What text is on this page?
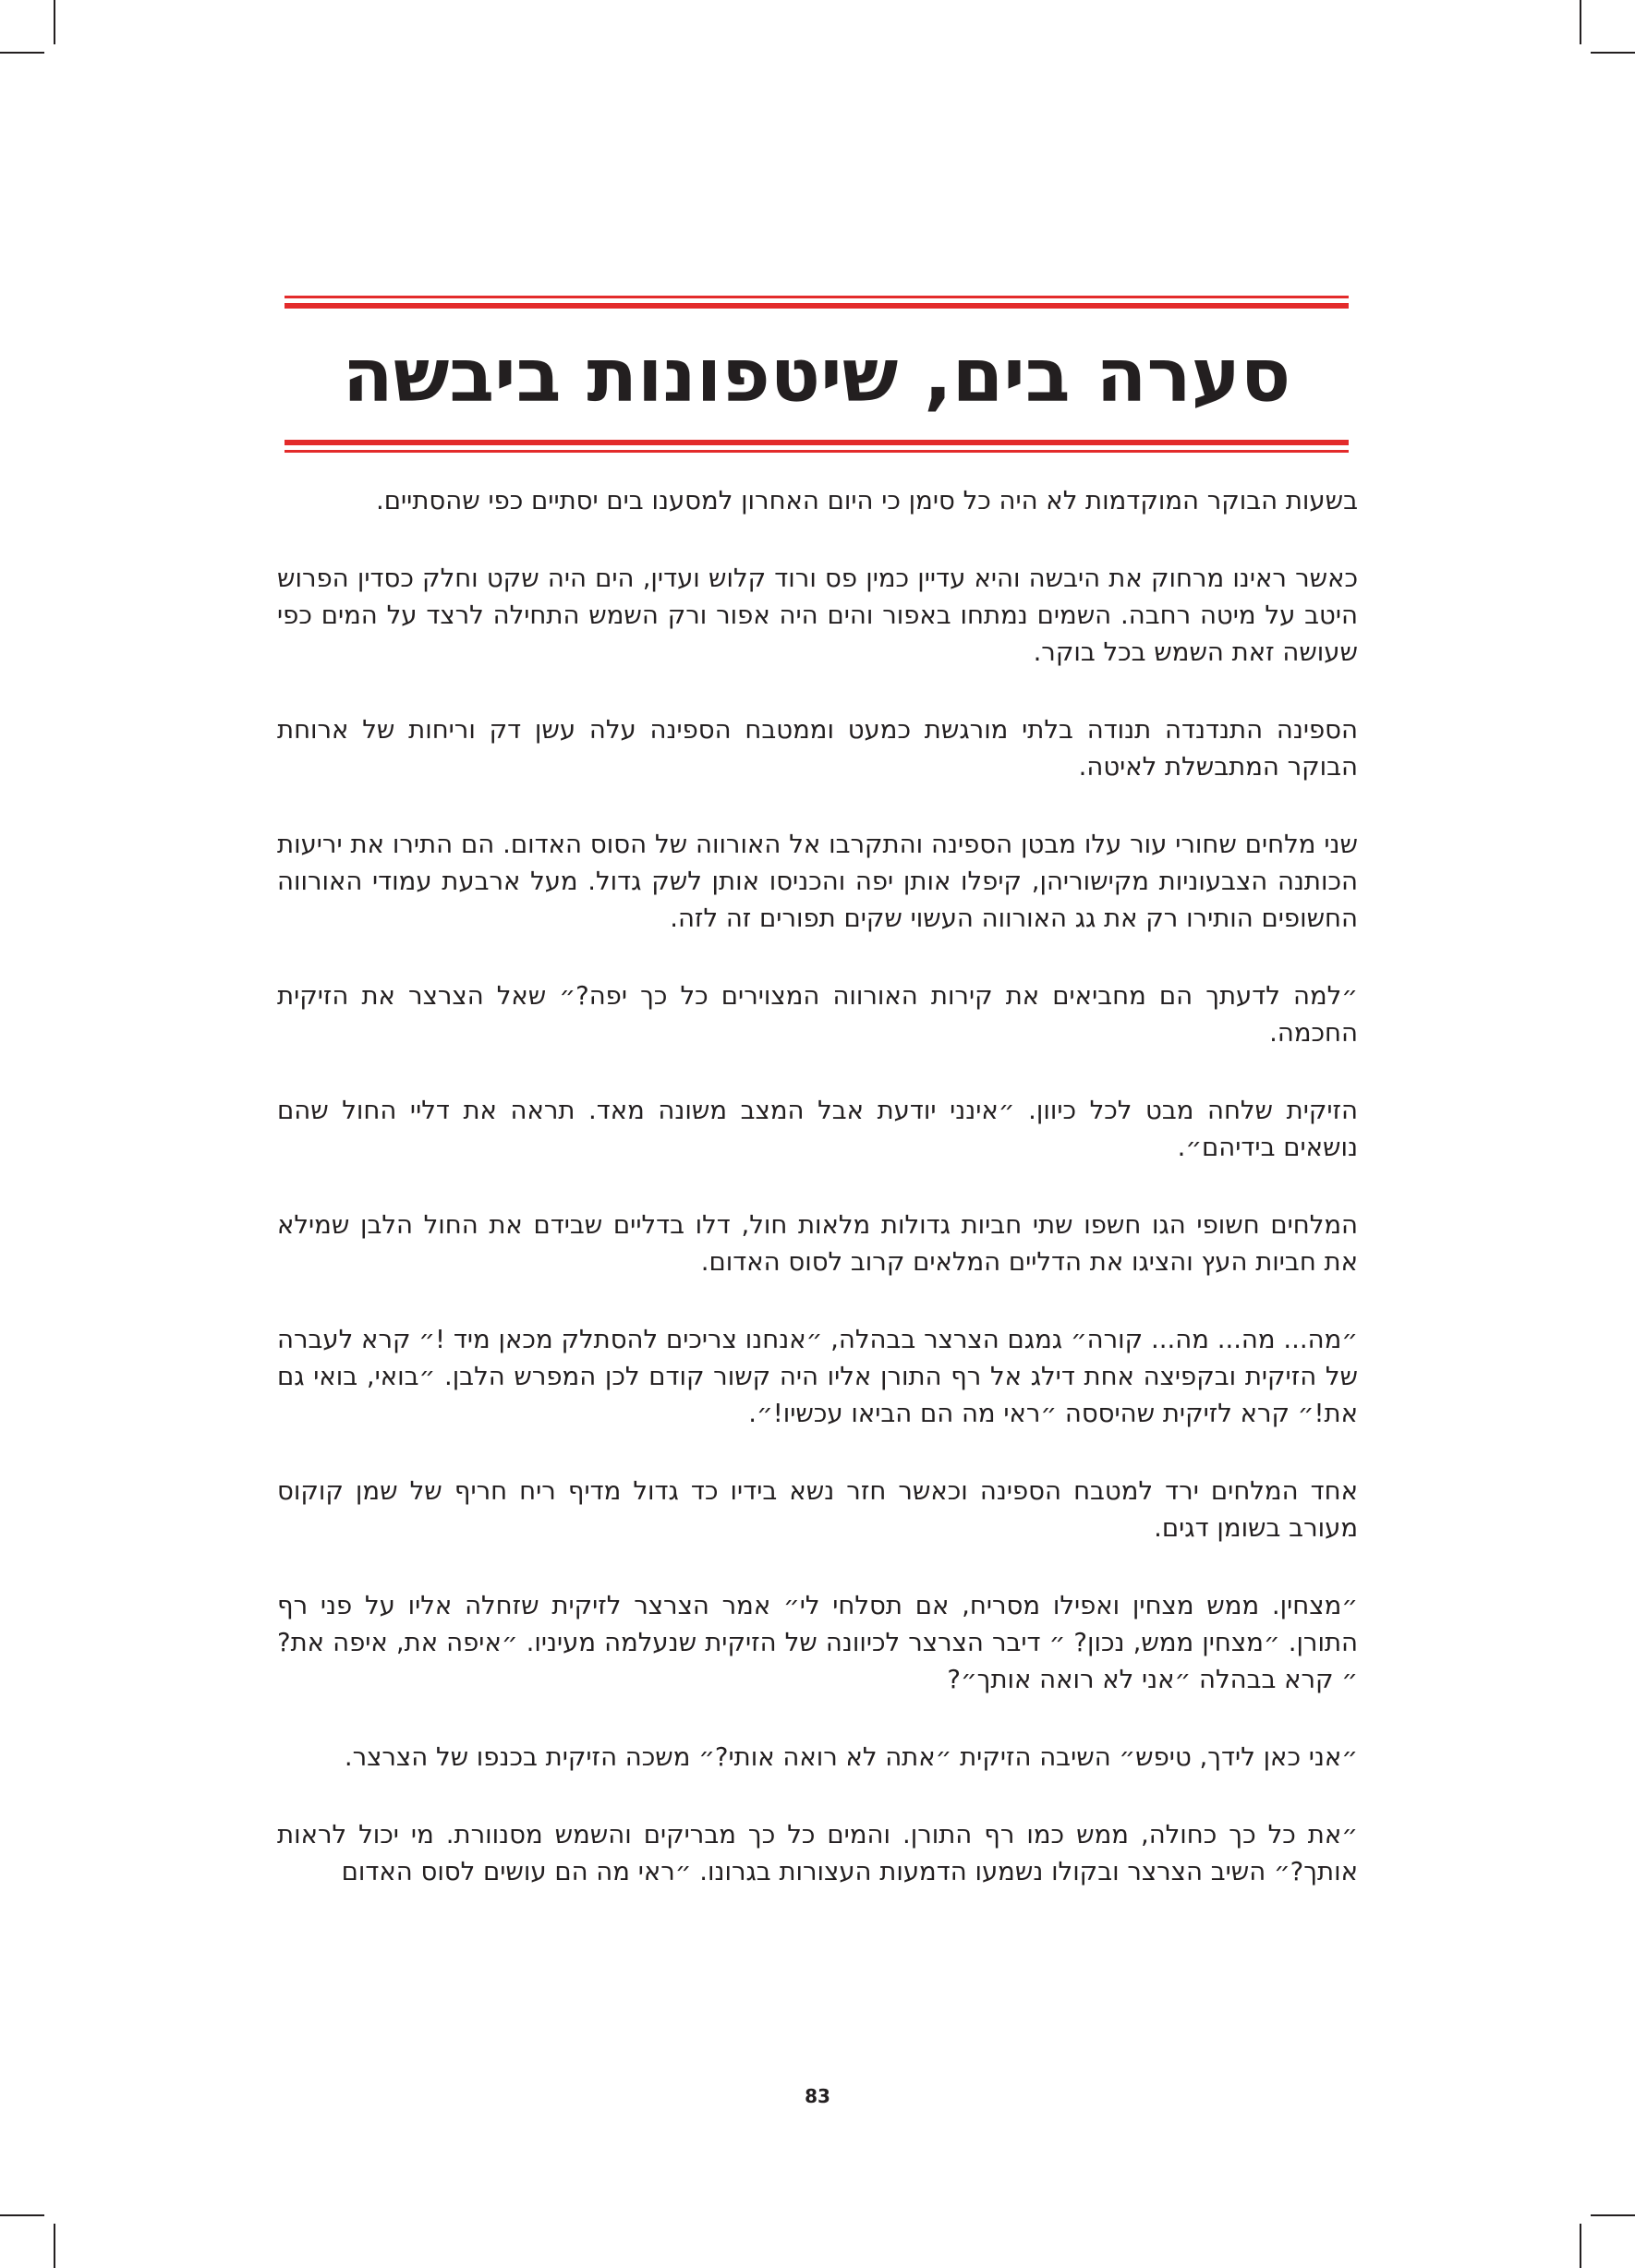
סערה בים, שיטפונות ביבשה

בשעות הבוקר המוקדמות לא היה כל סימן כי היום האחרון למסענו בים יסתיים כפי שהסתיים.

כאשר ראינו מרחוק את היבשה והיא עדיין כמין פס ורוד קלוש ועדין, הים היה שקט וחלק כסדין הפרוש היטב על מיטה רחבה. השמים נמתחו באפור והים היה אפור ורק השמש התחילה לרצד על המים כפי שעושה זאת השמש בכל בוקר.

הספינה התנדנדה תנודה בלתי מורגשת כמעט וממטבח הספינה עלה עשן דק וריחות של ארוחת הבוקר המתבשלת לאיטה.

שני מלחים שחורי עור עלו מבטן הספינה והתקרבו אל האורווה של הסוס האדום. הם התירו את יריעות הכותנה הצבעוניות מקישוריהן, קיפלו אותן יפה והכניסו אותן לשק גדול. מעל ארבעת עמודי האורווה החשופים הותירו רק את גג האורווה העשוי שקים תפורים זה לזה.

״למה לדעתך הם מחביאים את קירות האורווה המצוירים כל כך יפה?״ שאל הצרצר את הזיקית החכמה.

הזיקית שלחה מבט לכל כיוון. ״אינני יודעת אבל המצב משונה מאד. תראה את דליי החול שהם נושאים בידיהם״.

המלחים חשופי הגו חשפו שתי חביות גדולות מלאות חול, דלו בדליים שבידם את החול הלבן שמילא את חביות העץ והציגו את הדליים המלאים קרוב לסוס האדום.

״מה... מה... מה... קורה״ גמגם הצרצר בבהלה, ״אנחנו צריכים להסתלק מכאן מיד !״ קרא לעברה של הזיקית ובקפיצה אחת דילג אל רף התורן אליו היה קשור קודם לכן המפרש הלבן. ״בואי, בואי גם את!״ קרא לזיקית שהיססה ״ראי מה הם הביאו עכשיו!״.

אחד המלחים ירד למטבח הספינה וכאשר חזר נשא בידיו כד גדול מדיף ריח חריף של שמן קוקוס מעורב בשומן דגים.

״מצחין. ממש מצחין ואפילו מסריח, אם תסלחי לי״ אמר הצרצר לזיקית שזחלה אליו על פני רף התורן. ״מצחין ממש, נכון? ״ דיבר הצרצר לכיוונה של הזיקית שנעלמה מעיניו. ״איפה את, איפה את?״ קרא בבהלה ״אני לא רואה אותך״?

״אני כאן לידך, טיפש״ השיבה הזיקית ״אתה לא רואה אותי?״ משכה הזיקית בכנפו של הצרצר.

״את כל כך כחולה, ממש כמו רף התורן. והמים כל כך מבריקים והשמש מסנוורת. מי יכול לראות אותך?״ השיב הצרצר ובקולו נשמעו הדמעות העצורות בגרונו. ״ראי מה הם עושים לסוס האדום

83
